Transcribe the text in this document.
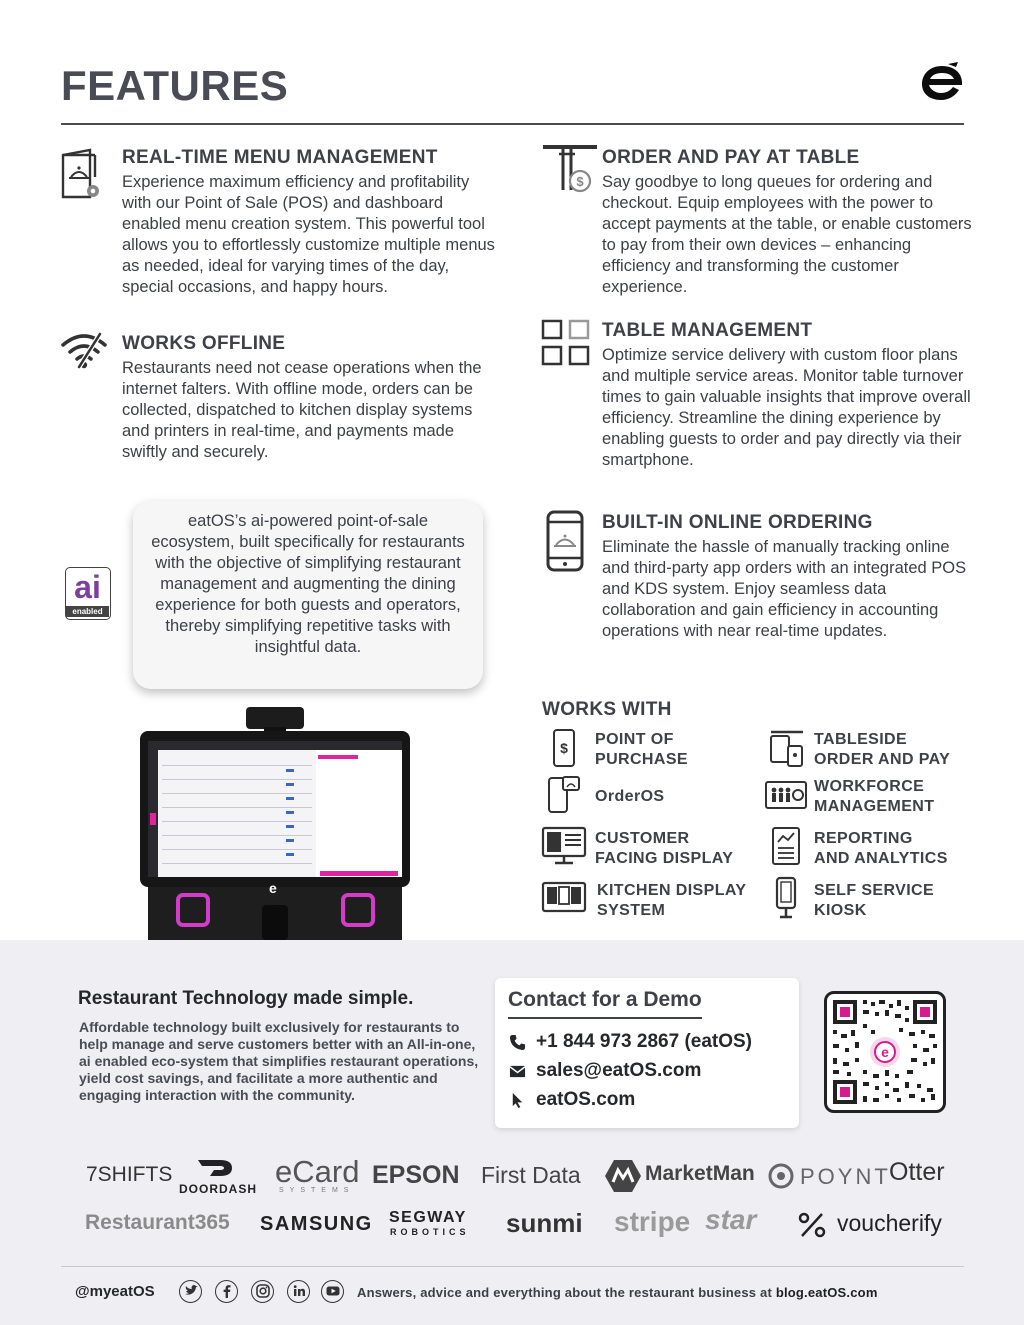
FEATURES
REAL-TIME MENU MANAGEMENT

Experience maximum efficiency and profitability with our Point of Sale (POS) and dashboard enabled menu creation system. This powerful tool allows you to effortlessly customize multiple menus as needed, ideal for varying times of the day, special occasions, and happy hours.

WORKS OFFLINE

Restaurants need not cease operations when the internet falters. With offline mode, orders can be collected, dispatched to kitchen display systems and printers in real-time, and payments made swiftly and securely.

ai
enabled
eatOS’s ai-powered point-of-sale ecosystem, built specifically for restaurants with the objective of simplifying restaurant management and augmenting the dining experience for both guests and operators, thereby simplifying repetitive tasks with insightful data.
e
$
ORDER AND PAY AT TABLE

Say goodbye to long queues for ordering and checkout. Equip employees with the power to accept payments at the table, or enable customers to pay from their own devices – enhancing efficiency and transforming the customer experience.

TABLE MANAGEMENT

Optimize service delivery with custom floor plans and multiple service areas. Monitor table turnover times to gain valuable insights that improve overall efficiency. Streamline the dining experience by enabling guests to order and pay directly via their smartphone.

BUILT-IN ONLINE ORDERING

Eliminate the hassle of manually tracking online and third-party app orders with an integrated POS and KDS system. Enjoy seamless data collaboration and gain efficiency in accounting operations with near real-time updates.

WORKS WITH
$ POINT OF
PURCHASE
TABLESIDE
ORDER AND PAY
OrderOS
WORKFORCE
MANAGEMENT
CUSTOMER
FACING DISPLAY
REPORTING
AND ANALYTICS
KITCHEN DISPLAY
SYSTEM
SELF SERVICE
KIOSK
Restaurant Technology made simple.
Affordable technology built exclusively for restaurants to help manage and serve customers better with an All-in-one, ai enabled eco-system that simplifies restaurant operations, yield cost savings, and facilitate a more authentic and engaging interaction with the community.
Contact for a Demo
+1 844 973 2867 (eatOS)
sales@eatOS.com
eatOS.com
e
7SHIFTS
DOORDASH eCard
SYSTEMS
EPSON First Data	MarketMan POYNT
Otter
Restaurant365 SAMSUNG SEGWAY
ROBOTICS sunmi stripe star	voucherify
@myeatOS	Answers, advice and everything about the restaurant business at blog.eatOS.com
